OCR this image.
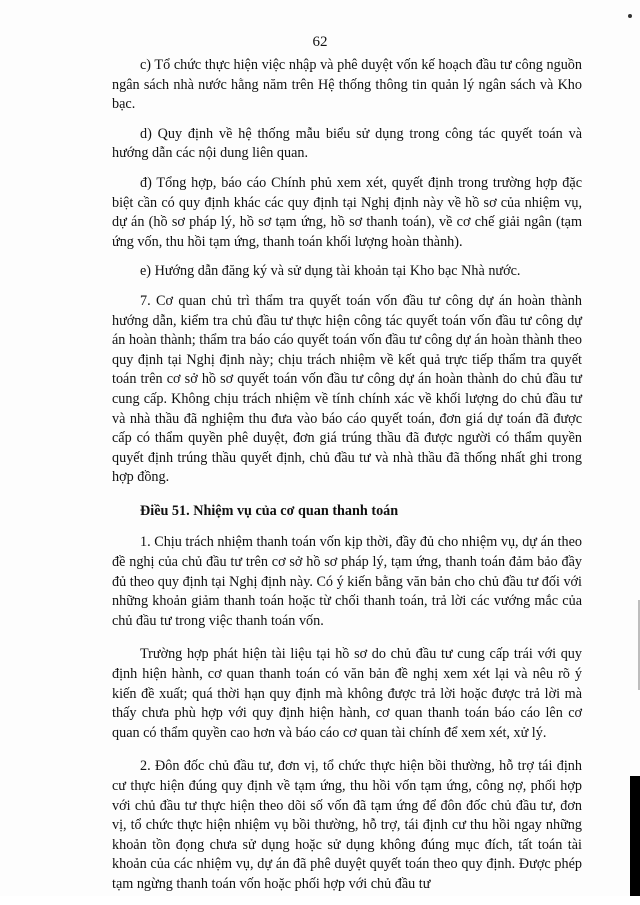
62

c) Tổ chức thực hiện việc nhập và phê duyệt vốn kế hoạch đầu tư công nguồn ngân sách nhà nước hằng năm trên Hệ thống thông tin quản lý ngân sách và Kho bạc.

d) Quy định về hệ thống mẫu biểu sử dụng trong công tác quyết toán và hướng dẫn các nội dung liên quan.

đ) Tổng hợp, báo cáo Chính phủ xem xét, quyết định trong trường hợp đặc biệt cần có quy định khác các quy định tại Nghị định này về hồ sơ của nhiệm vụ, dự án (hồ sơ pháp lý, hồ sơ tạm ứng, hồ sơ thanh toán), về cơ chế giải ngân (tạm ứng vốn, thu hồi tạm ứng, thanh toán khối lượng hoàn thành).

e) Hướng dẫn đăng ký và sử dụng tài khoản tại Kho bạc Nhà nước.

7. Cơ quan chủ trì thẩm tra quyết toán vốn đầu tư công dự án hoàn thành hướng dẫn, kiểm tra chủ đầu tư thực hiện công tác quyết toán vốn đầu tư công dự án hoàn thành; thẩm tra báo cáo quyết toán vốn đầu tư công dự án hoàn thành theo quy định tại Nghị định này; chịu trách nhiệm về kết quả trực tiếp thẩm tra quyết toán trên cơ sở hồ sơ quyết toán vốn đầu tư công dự án hoàn thành do chủ đầu tư cung cấp. Không chịu trách nhiệm về tính chính xác về khối lượng do chủ đầu tư và nhà thầu đã nghiệm thu đưa vào báo cáo quyết toán, đơn giá dự toán đã được cấp có thẩm quyền phê duyệt, đơn giá trúng thầu đã được người có thẩm quyền quyết định trúng thầu quyết định, chủ đầu tư và nhà thầu đã thống nhất ghi trong hợp đồng.

Điều 51. Nhiệm vụ của cơ quan thanh toán

1. Chịu trách nhiệm thanh toán vốn kịp thời, đầy đủ cho nhiệm vụ, dự án theo đề nghị của chủ đầu tư trên cơ sở hồ sơ pháp lý, tạm ứng, thanh toán đảm bảo đầy đủ theo quy định tại Nghị định này. Có ý kiến bằng văn bản cho chủ đầu tư đối với những khoản giảm thanh toán hoặc từ chối thanh toán, trả lời các vướng mắc của chủ đầu tư trong việc thanh toán vốn.

Trường hợp phát hiện tài liệu tại hồ sơ do chủ đầu tư cung cấp trái với quy định hiện hành, cơ quan thanh toán có văn bản đề nghị xem xét lại và nêu rõ ý kiến đề xuất; quá thời hạn quy định mà không được trả lời hoặc được trả lời mà thấy chưa phù hợp với quy định hiện hành, cơ quan thanh toán báo cáo lên cơ quan có thẩm quyền cao hơn và báo cáo cơ quan tài chính để xem xét, xử lý.

2. Đôn đốc chủ đầu tư, đơn vị, tổ chức thực hiện bồi thường, hỗ trợ tái định cư thực hiện đúng quy định về tạm ứng, thu hồi vốn tạm ứng, công nợ, phối hợp với chủ đầu tư thực hiện theo dõi số vốn đã tạm ứng để đôn đốc chủ đầu tư, đơn vị, tổ chức thực hiện nhiệm vụ bồi thường, hỗ trợ, tái định cư thu hồi ngay những khoản tồn đọng chưa sử dụng hoặc sử dụng không đúng mục đích, tất toán tài khoản của các nhiệm vụ, dự án đã phê duyệt quyết toán theo quy định. Được phép tạm ngừng thanh toán vốn hoặc phối hợp với chủ đầu tư
